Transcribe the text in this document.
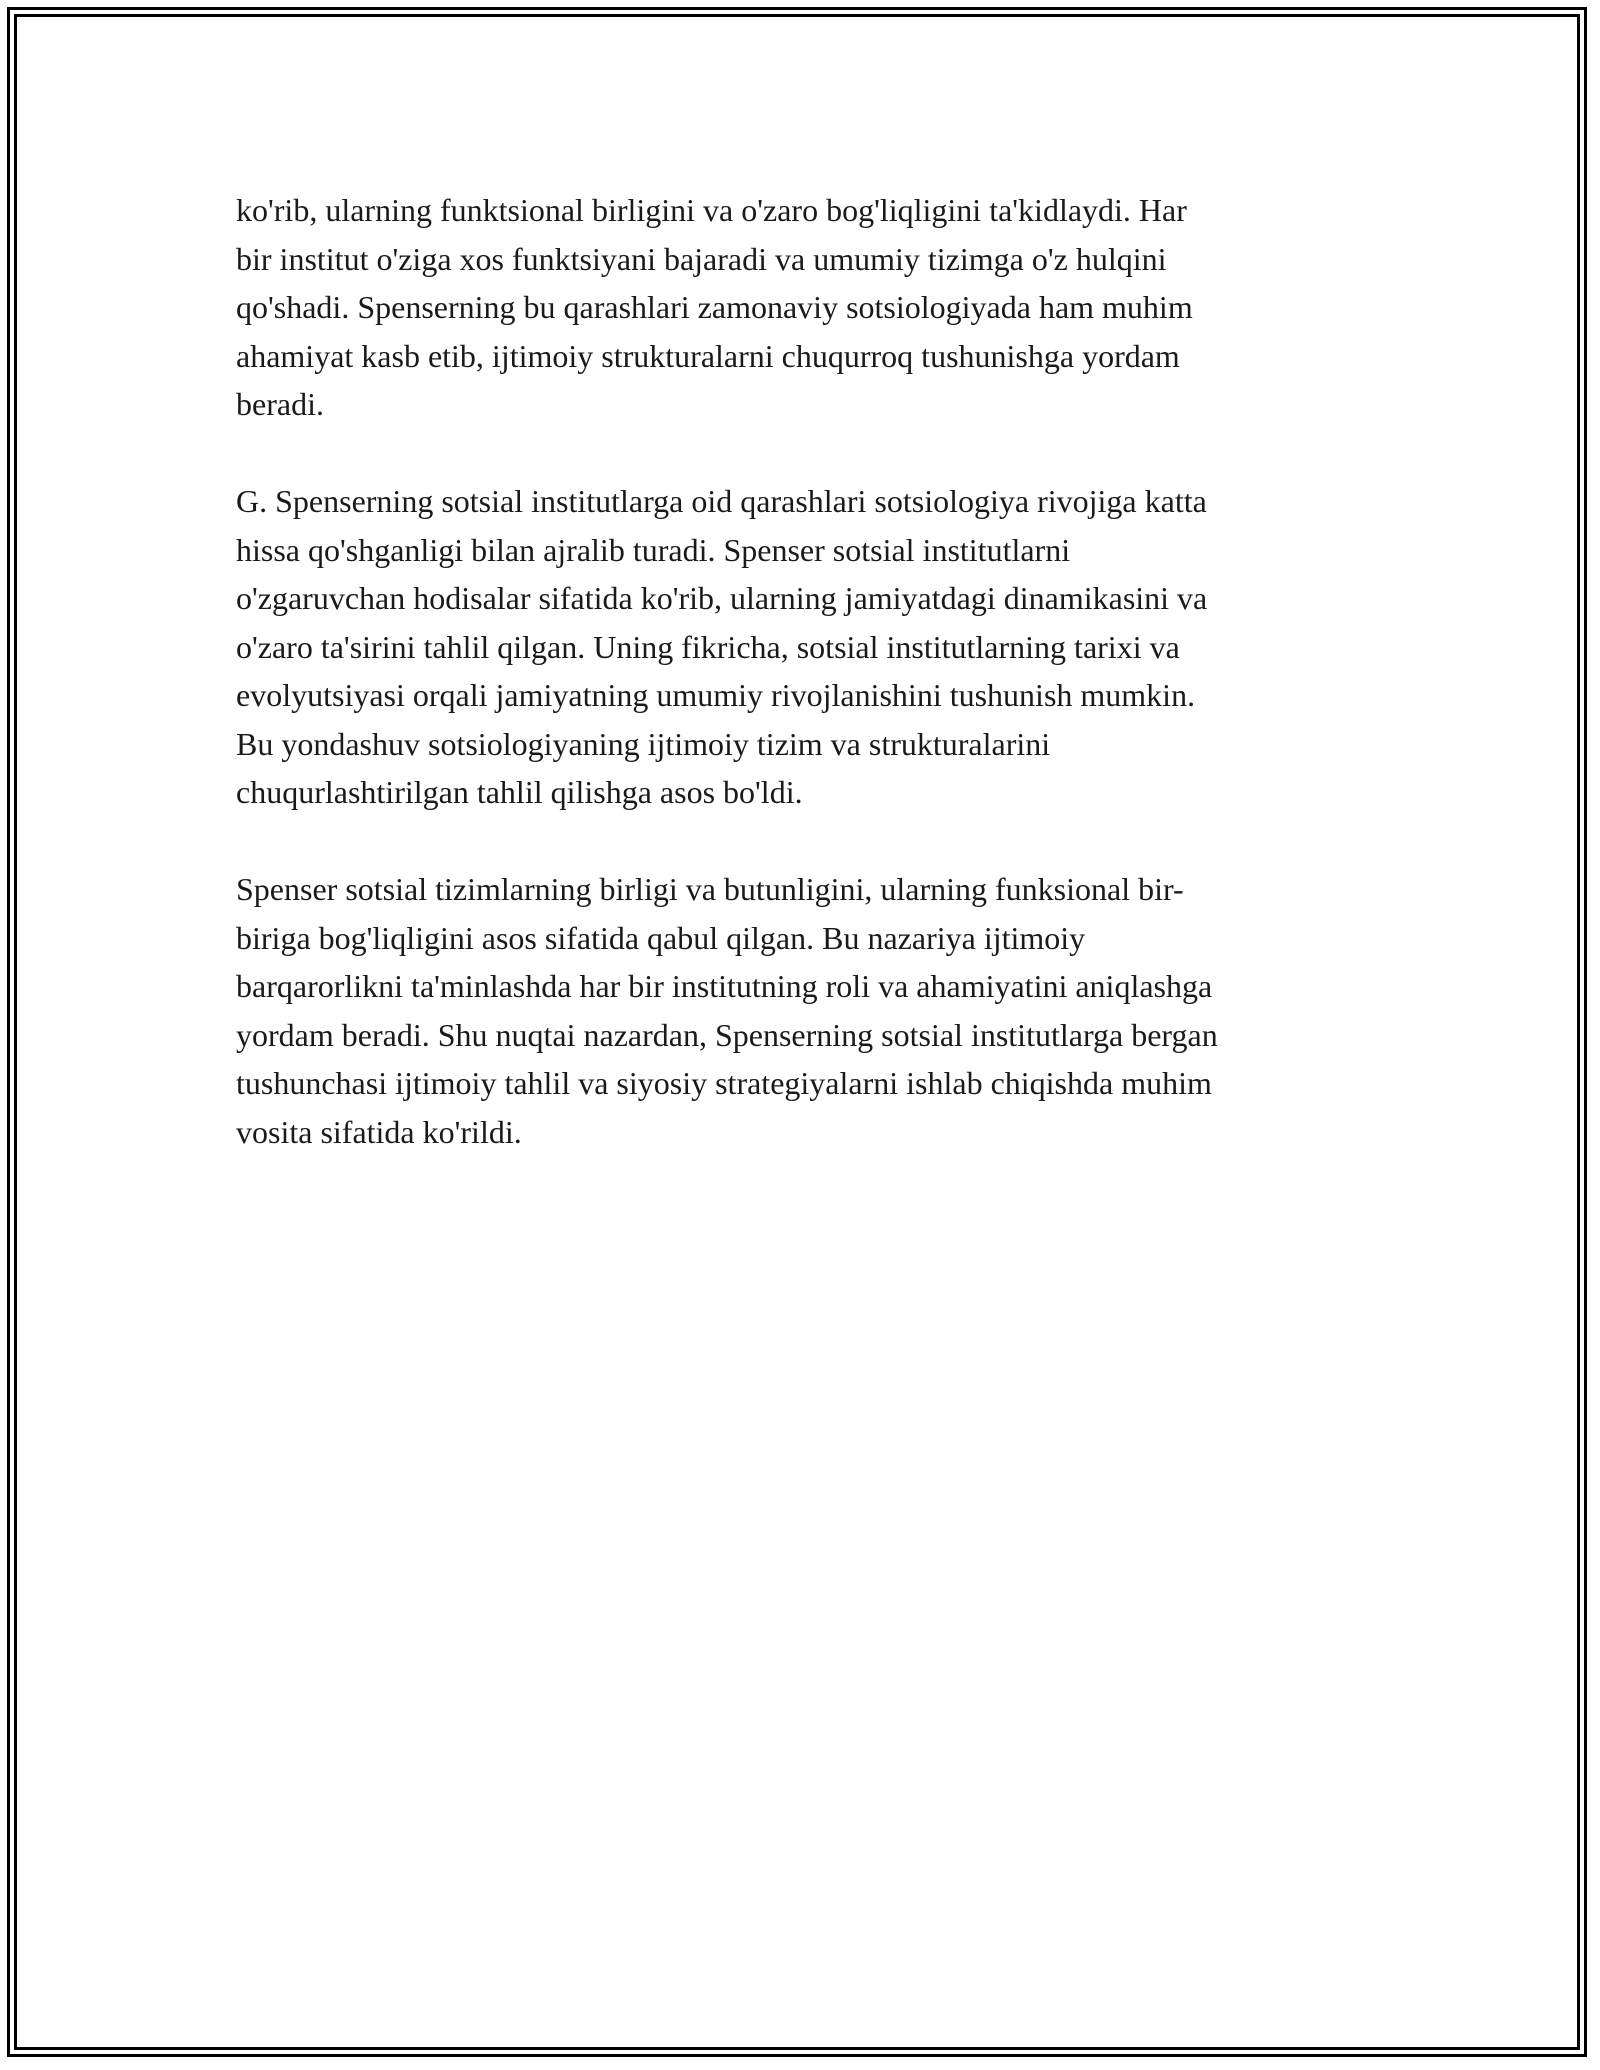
ko'rib, ularning funktsional birligini va o'zaro bog'liqligini ta'kidlaydi. Har
bir institut o'ziga xos funktsiyani bajaradi va umumiy tizimga o'z hulqini
qo'shadi. Spenserning bu qarashlari zamonaviy sotsiologiyada ham muhim
ahamiyat kasb etib, ijtimoiy strukturalarni chuqurroq tushunishga yordam
beradi.

G. Spenserning sotsial institutlarga oid qarashlari sotsiologiya rivojiga katta
hissa qo'shganligi bilan ajralib turadi. Spenser sotsial institutlarni
o'zgaruvchan hodisalar sifatida ko'rib, ularning jamiyatdagi dinamikasini va
o'zaro ta'sirini tahlil qilgan. Uning fikricha, sotsial institutlarning tarixi va
evolyutsiyasi orqali jamiyatning umumiy rivojlanishini tushunish mumkin.
Bu yondashuv sotsiologiyaning ijtimoiy tizim va strukturalarini
chuqurlashtirilgan tahlil qilishga asos bo'ldi.

Spenser sotsial tizimlarning birligi va butunligini, ularning funksional bir-
biriga bog'liqligini asos sifatida qabul qilgan. Bu nazariya ijtimoiy
barqarorlikni ta'minlashda har bir institutning roli va ahamiyatini aniqlashga
yordam beradi. Shu nuqtai nazardan, Spenserning sotsial institutlarga bergan
tushunchasi ijtimoiy tahlil va siyosiy strategiyalarni ishlab chiqishda muhim
vosita sifatida ko'rildi.
